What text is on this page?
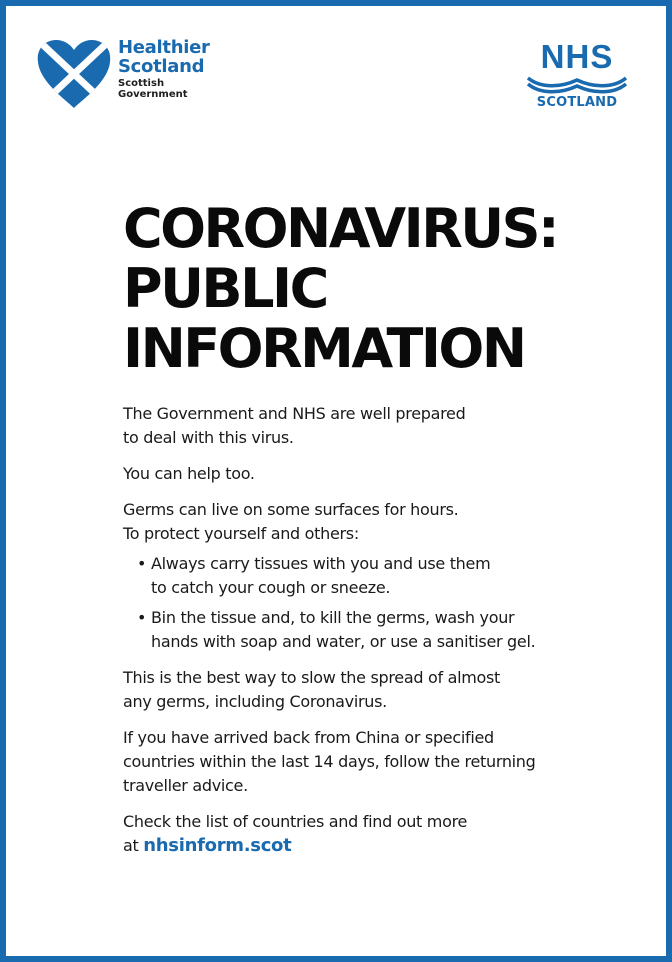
Healthier

Scotland

Scottish

Government

NHS
SCOTLAND
CORONAVIRUS:
PUBLIC
INFORMATION

The Government and NHS are well prepared
to deal with this virus.

You can help too.

Germs can live on some surfaces for hours.
To protect yourself and others:

• Always carry tissues with you and use them
to catch your cough or sneeze.
• Bin the tissue and, to kill the germs, wash your
hands with soap and water, or use a sanitiser gel.

This is the best way to slow the spread of almost
any germs, including Coronavirus.

If you have arrived back from China or specified
countries within the last 14 days, follow the returning
traveller advice.

Check the list of countries and find out more
at nhsinform.scot
